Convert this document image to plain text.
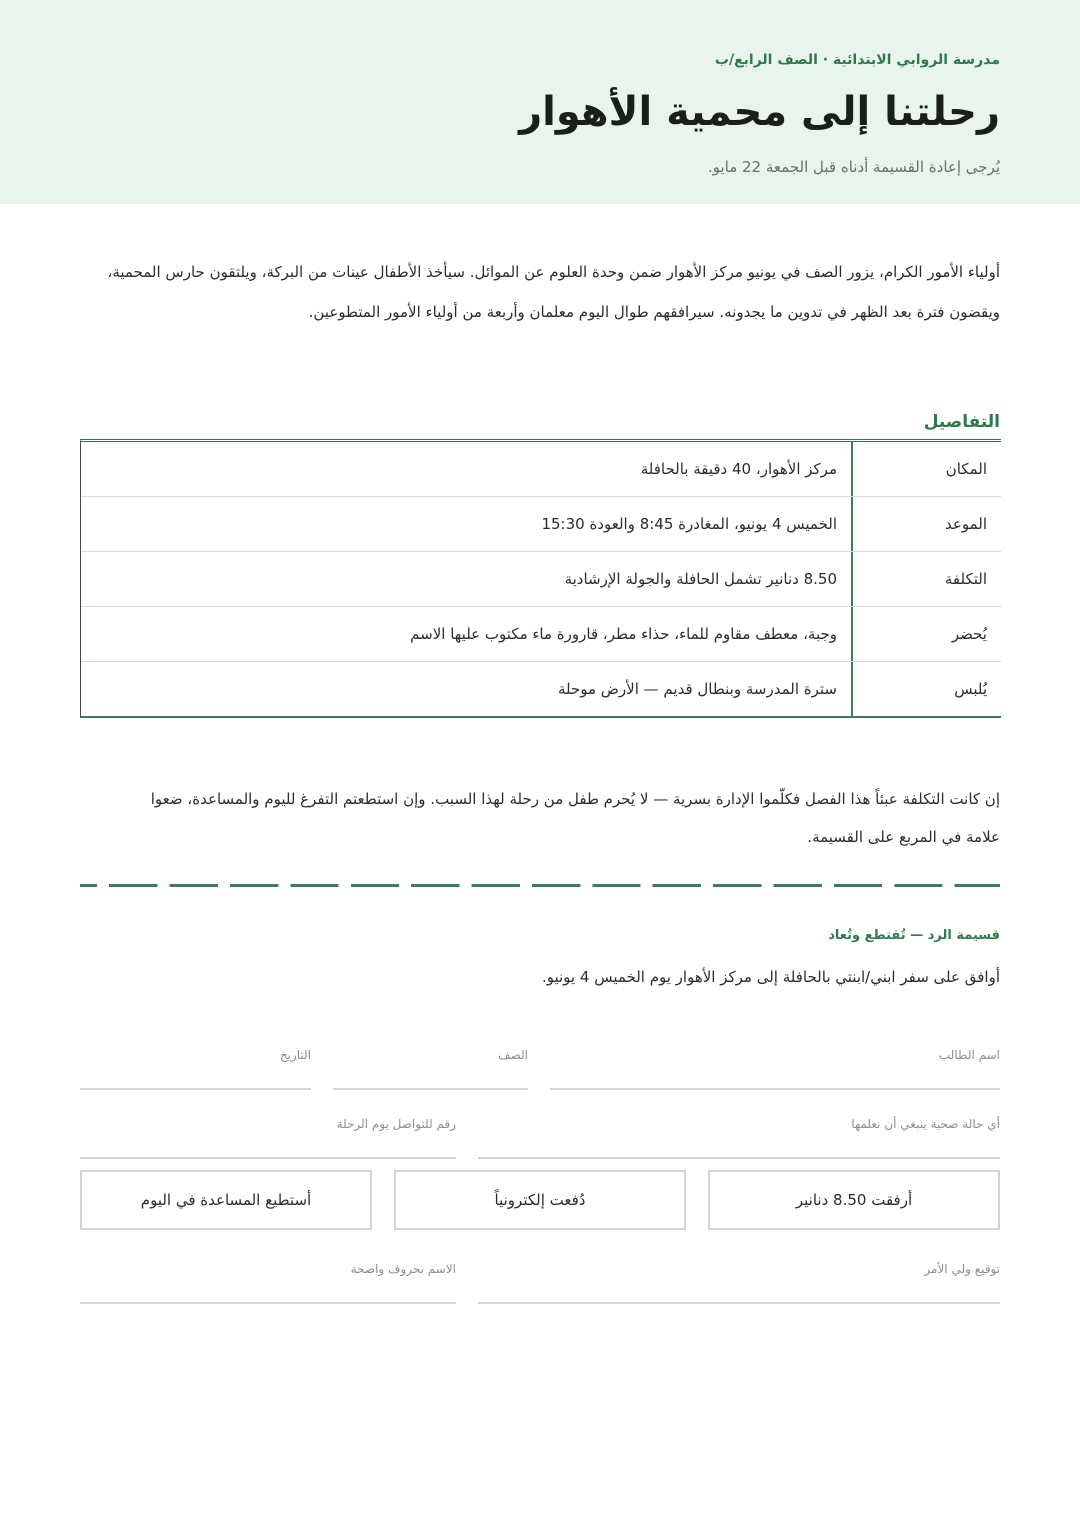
مدرسة الروابي الابتدائية · الصف الرابع/ب
رحلتنا إلى محمية الأهوار
يُرجى إعادة القسيمة أدناه قبل الجمعة 22 مايو.

أولياء الأمور الكرام، يزور الصف في يونيو مركز الأهوار ضمن وحدة العلوم عن الموائل. سيأخذ الأطفال عينات من البركة، ويلتقون حارس المحمية، ويقضون فترة بعد الظهر في تدوين ما يجدونه. سيرافقهم طوال اليوم معلمان وأربعة من أولياء الأمور المتطوعين.

التفاصيل
المكان
مركز الأهوار، 40 دقيقة بالحافلة
الموعد
الخميس 4 يونيو، المغادرة 8:45 والعودة 15:30
التكلفة
8.50 دنانير تشمل الحافلة والجولة الإرشادية
يُحضر
وجبة، معطف مقاوم للماء، حذاء مطر، قارورة ماء مكتوب عليها الاسم
يُلبس
سترة المدرسة وبنطال قديم — الأرض موحلة

إن كانت التكلفة عبئاً هذا الفصل فكلّموا الإدارة بسرية — لا يُحرم طفل من رحلة لهذا السبب. وإن استطعتم التفرغ لليوم والمساعدة، ضعوا علامة في المربع على القسيمة.

قسيمة الرد — تُقتطع وتُعاد
أوافق على سفر ابني/ابنتي بالحافلة إلى مركز الأهوار يوم الخميس 4 يونيو.
اسم الطالب
الصف
التاريخ
أي حالة صحية ينبغي أن نعلمها
رقم للتواصل يوم الرحلة
أرفقت 8.50 دنانير
دُفعت إلكترونياً
أستطيع المساعدة في اليوم
توقيع ولي الأمر
الاسم بحروف واضحة
